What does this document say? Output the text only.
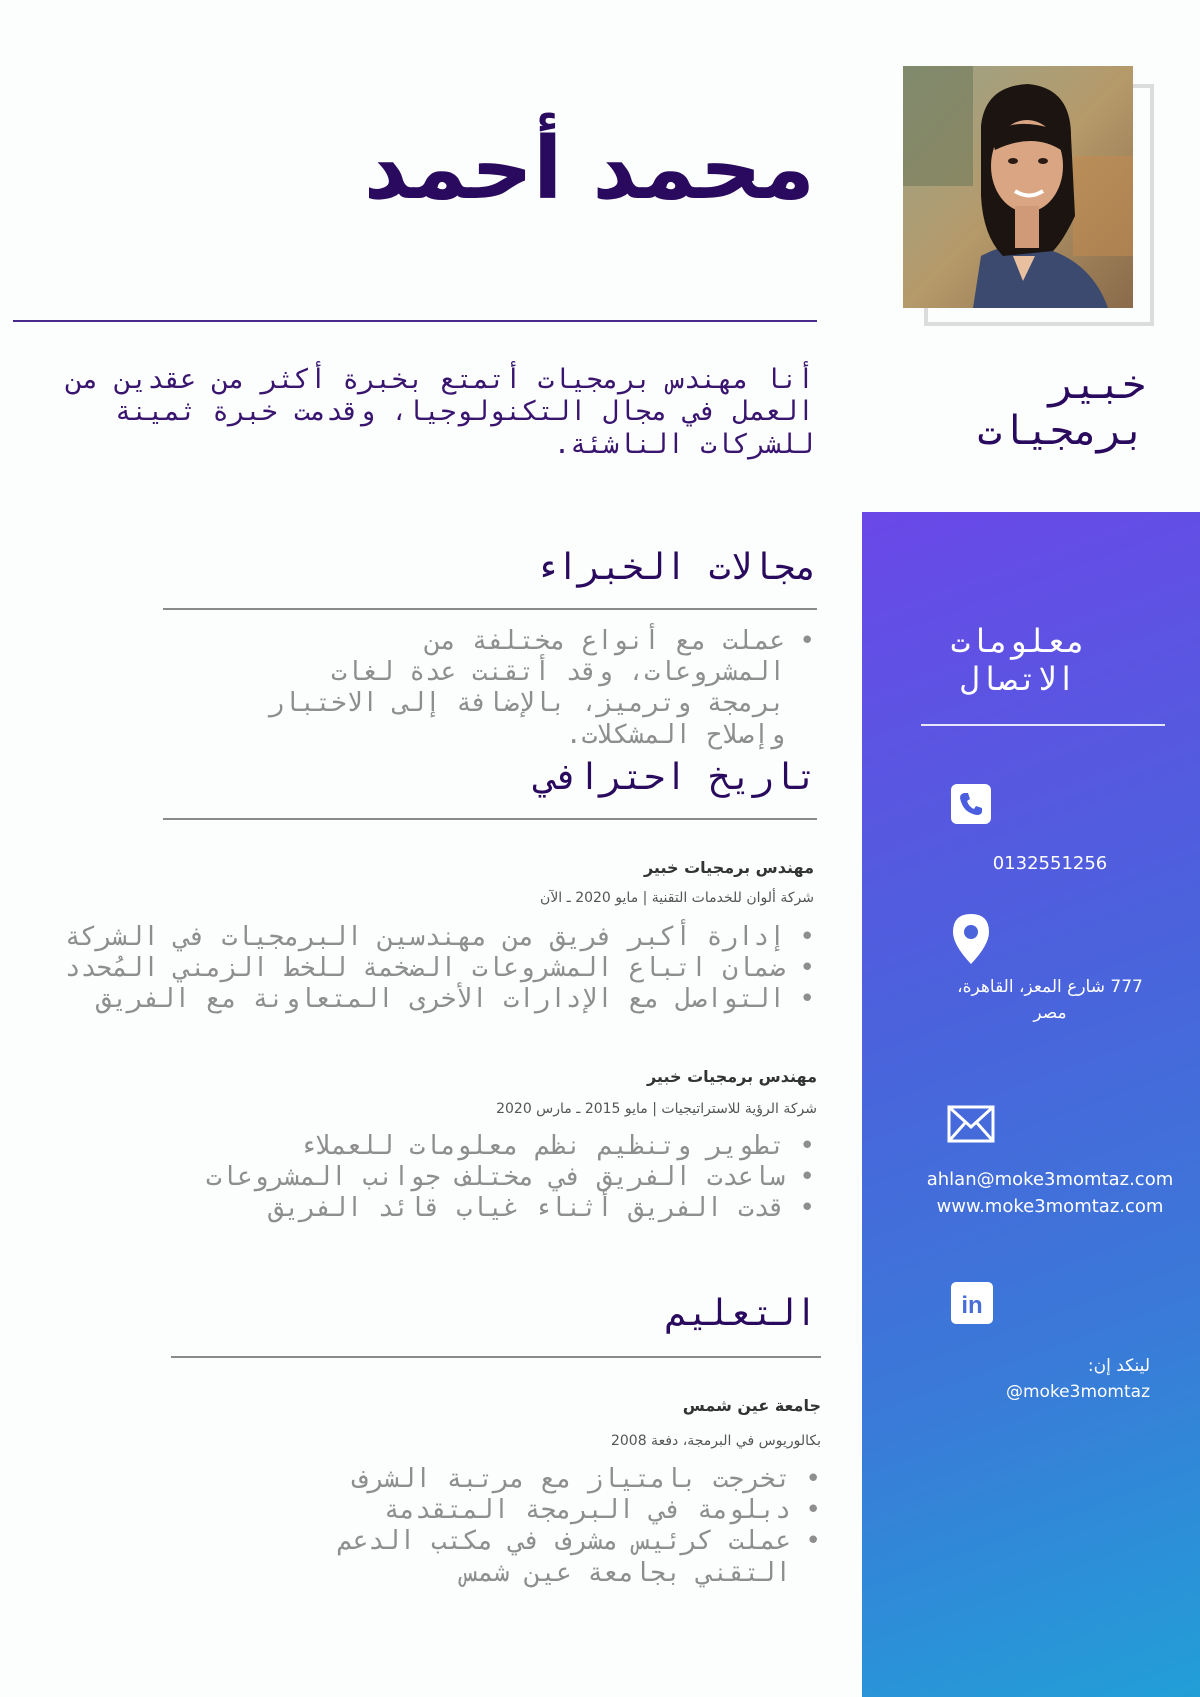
محمد أحمد
خبير
برمجيات
أنا مهندس برمجيات أتمتع بخبرة أكثر من عقدين من العمل في مجال التكنولوجيا، وقدمت خبرة ثمينة للشركات الناشئة.
مجالات الخبراء
• عملت مع أنواع مختلفة من المشروعات، وقد أتقنت عدة لغات برمجة وترميز، بالإضافة إلى الاختبار وإصلاح المشكلات.
تاريخ احترافي
مهندس برمجيات خبير
شركة ألوان للخدمات التقنية | مايو 2020 ـ الآن
• إدارة أكبر فريق من مهندسين البرمجيات في الشركة
• ضمان اتباع المشروعات الضخمة للخط الزمني المُحدد
• التواصل مع الإدارات الأخرى المتعاونة مع الفريق
مهندس برمجيات خبير
شركة الرؤية للاستراتيجيات | مايو 2015 ـ مارس 2020
• تطوير وتنظيم نظم معلومات للعملاء
• ساعدت الفريق في مختلف جوانب المشروعات
• قدت الفريق أثناء غياب قائد الفريق
التعليم
جامعة عين شمس
بكالوريوس في البرمجة، دفعة 2008
• تخرجت بامتياز مع مرتبة الشرف
• دبلومة في البرمجة المتقدمة
• عملت كرئيس مشرف في مكتب الدعم التقني بجامعة عين شمس
معلومات
الاتصال
0132551256
777 شارع المعز، القاهرة،
مصر
ahlan@moke3momtaz.com
www.moke3momtaz.com
in
لينكد إن:
@moke3momtaz
